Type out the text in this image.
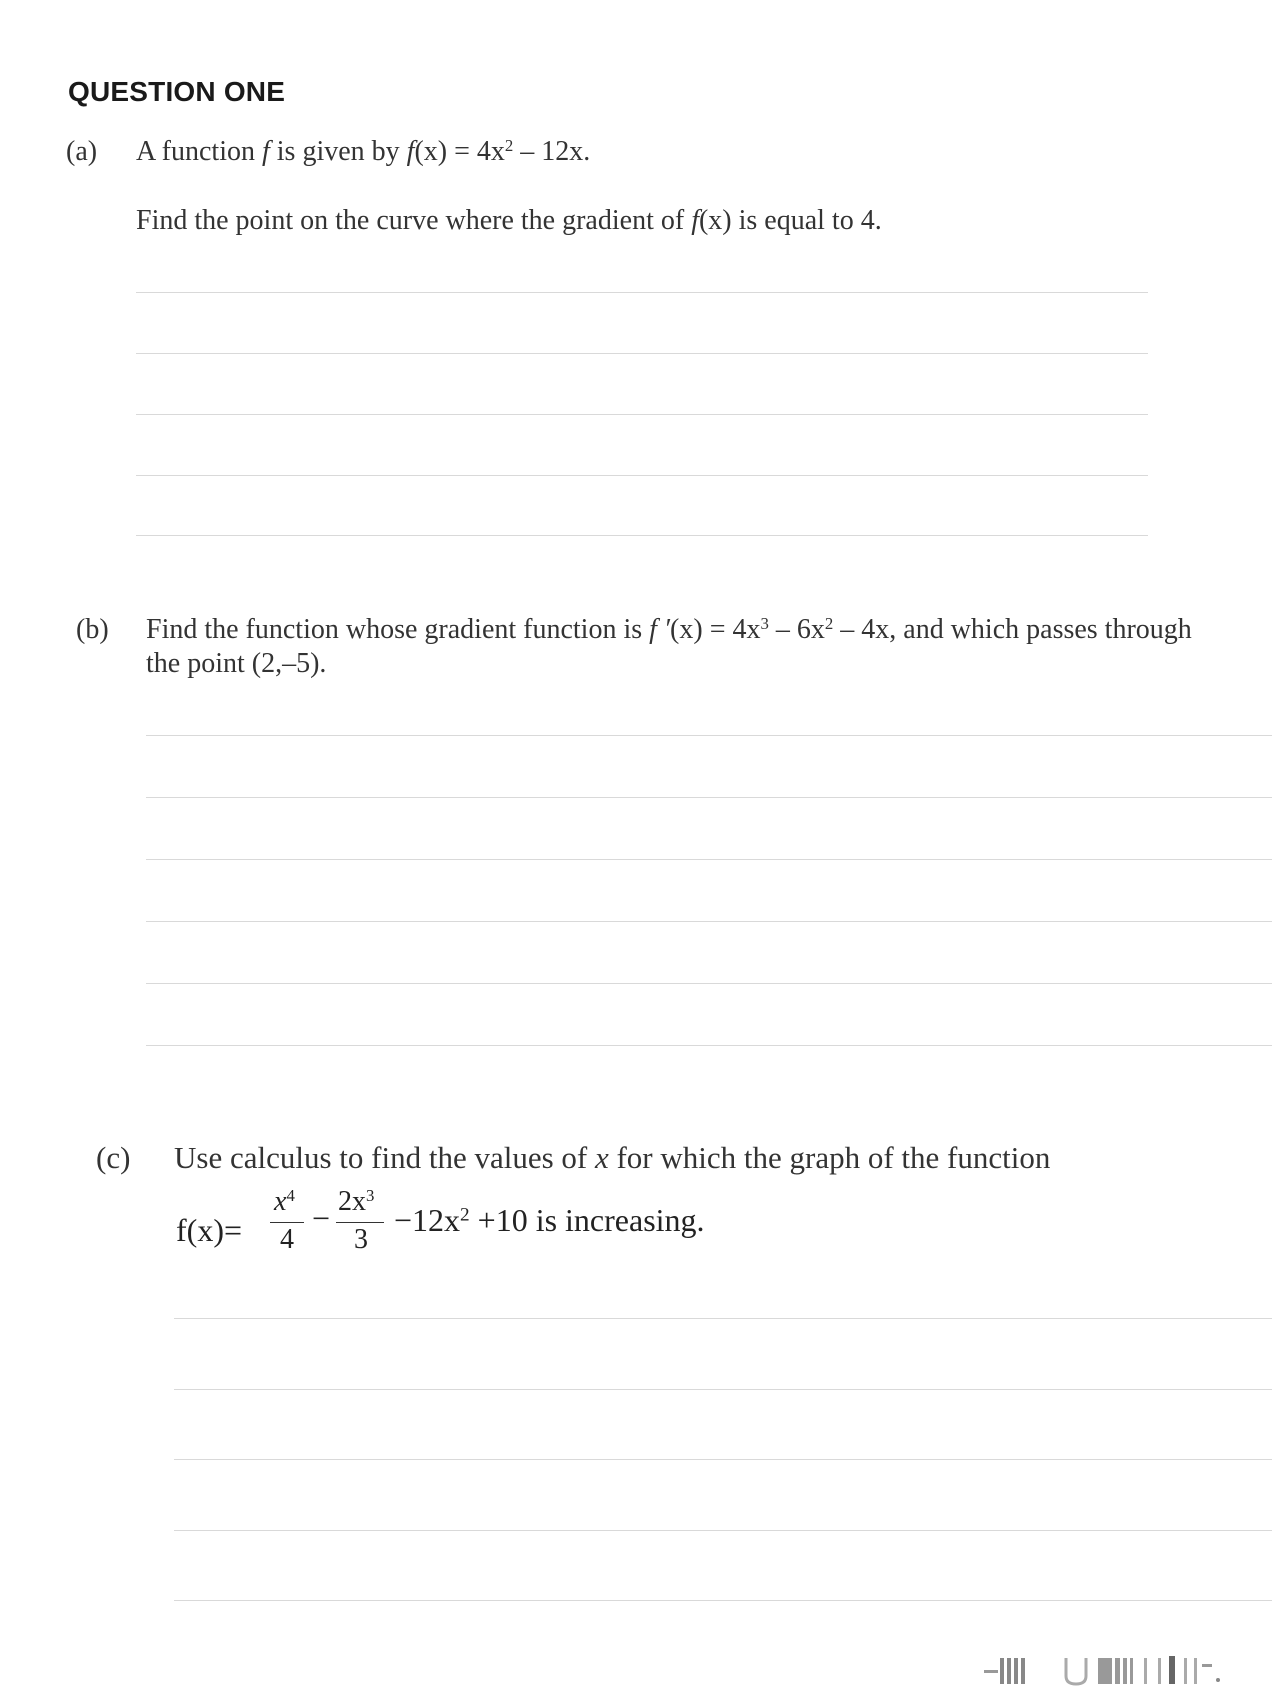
QUESTION ONE
(a) A function f is given by $f(x) = 4x^2 - 12x$.
Find the point on the curve where the gradient of f(x) is equal to 4.
(b) Find the function whose gradient function is f $'(x) = 4x^3 - 6x^2 - 4x$, and which passes through
the point (2,–5).
(c) Use calculus to find the values of x for which the graph of the function
f(x)=
$x^4$
4
− $2x^3$
3
$-12x^2 +10$ is increasing.
